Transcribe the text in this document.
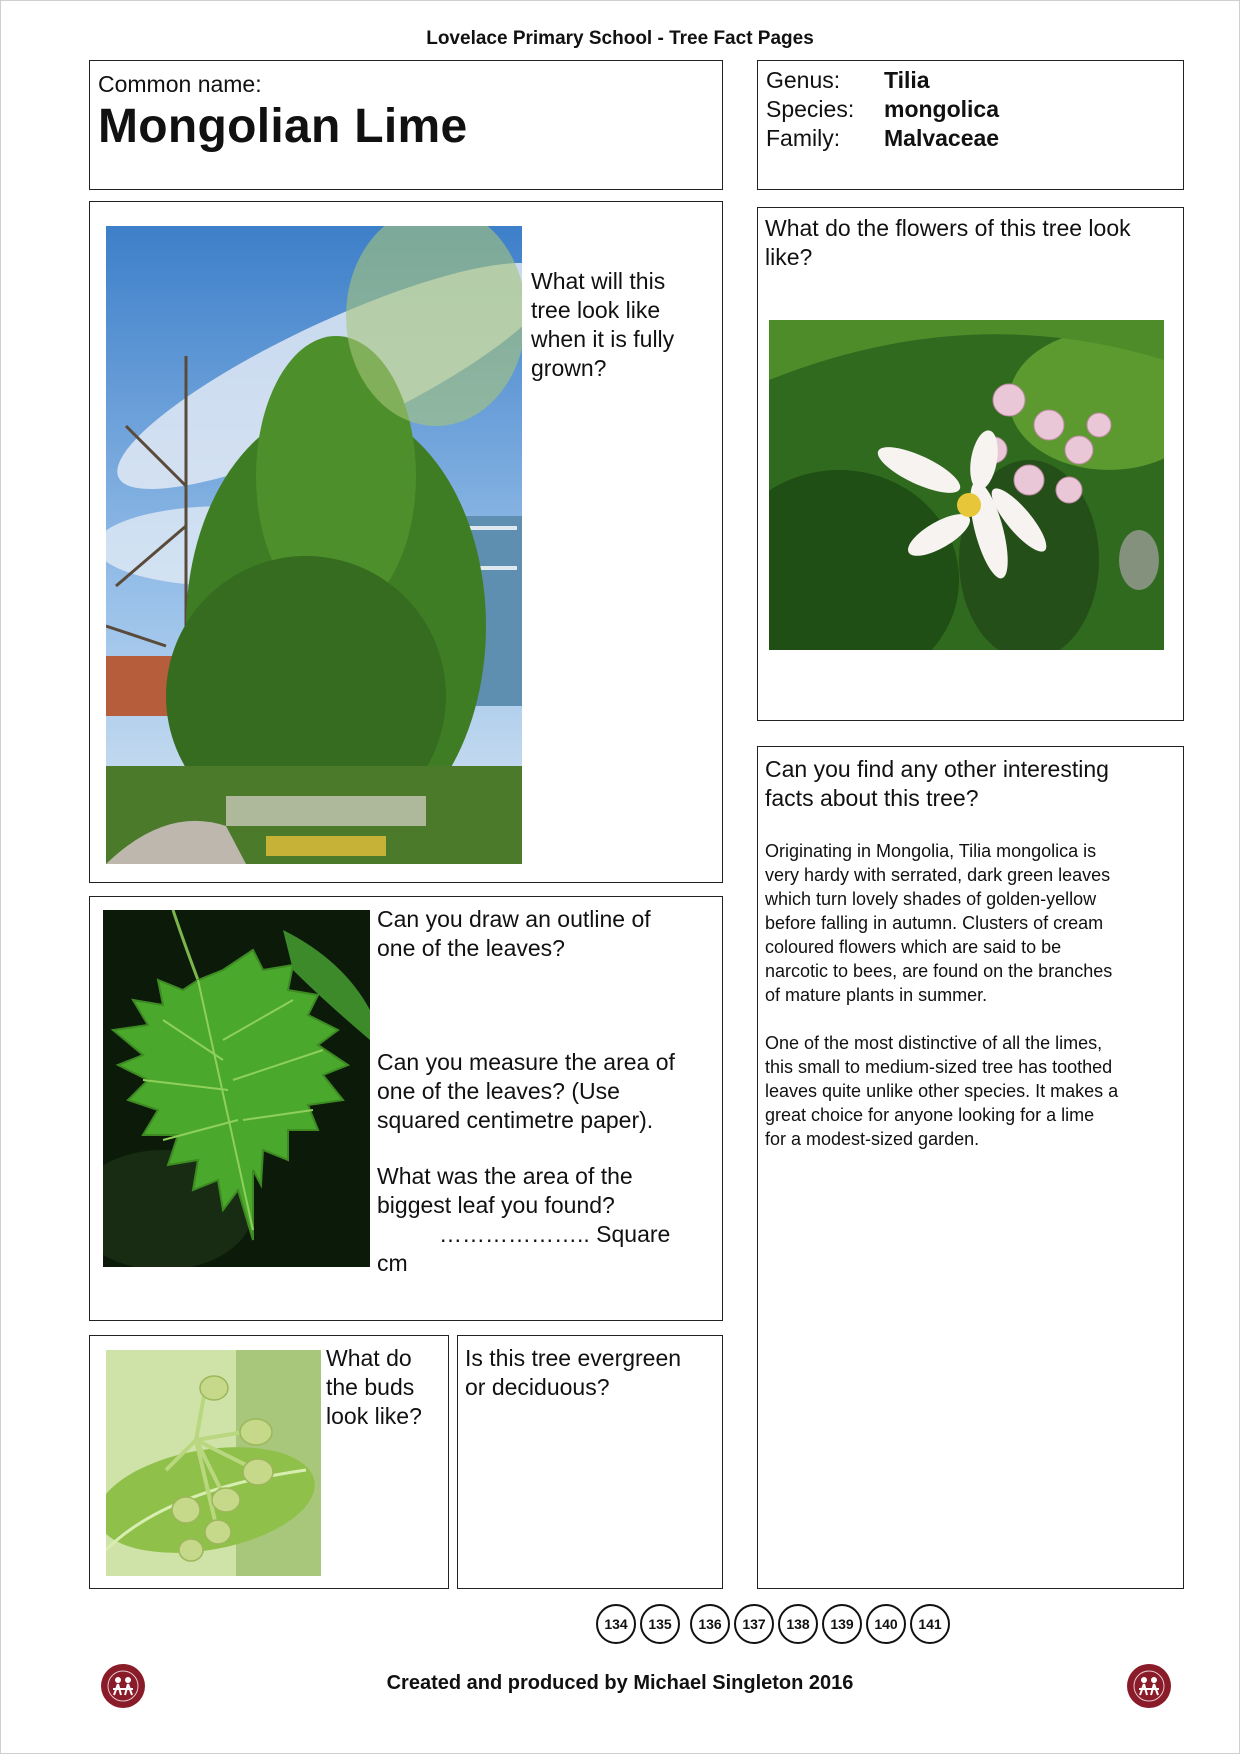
Lovelace Primary School - Tree Fact Pages
Common name:
Mongolian Lime
Genus: Tilia
Species: mongolica
Family: Malvaceae
What will this
tree look like
when it is fully
grown?
What do the flowers of this tree look
like?
Can you draw an outline of
one of the leaves?
Can you measure the area of
one of the leaves? (Use
squared centimetre paper).
What was the area of the
biggest leaf you found?
……………….. Square
cm
Can you find any other interesting
facts about this tree?
Originating in Mongolia, Tilia mongolica is
very hardy with serrated, dark green leaves
which turn lovely shades of golden-yellow
before falling in autumn. Clusters of cream
coloured flowers which are said to be
narcotic to bees, are found on the branches
of mature plants in summer.
One of the most distinctive of all the limes,
this small to medium-sized tree has toothed
leaves quite unlike other species. It makes a
great choice for anyone looking for a lime
for a modest-sized garden.
What do
the buds
look like?
Is this tree evergreen
or deciduous?
134	135	136	137	138	139	140	141
Created and produced by Michael Singleton 2016
